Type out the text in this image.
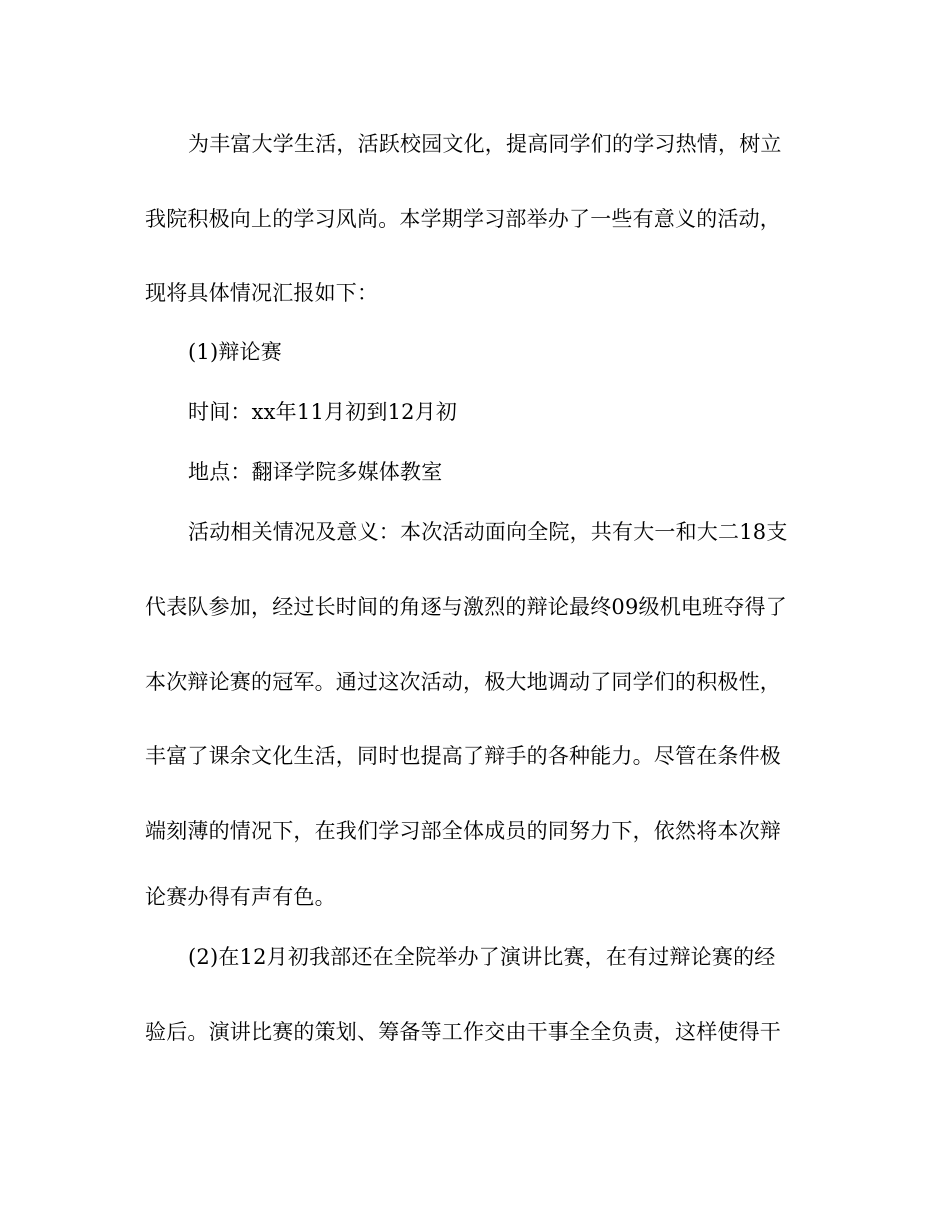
为丰富大学生活，活跃校园文化，提高同学们的学习热情，树立
我院积极向上的学习风尚。本学期学习部举办了一些有意义的活动，
现将具体情况汇报如下：
(1)辩论赛
时间：xx年11月初到12月初
地点：翻译学院多媒体教室
活动相关情况及意义：本次活动面向全院，共有大一和大二18支
代表队参加，经过长时间的角逐与激烈的辩论最终09级机电班夺得了
本次辩论赛的冠军。通过这次活动，极大地调动了同学们的积极性，
丰富了课余文化生活，同时也提高了辩手的各种能力。尽管在条件极
端刻薄的情况下，在我们学习部全体成员的同努力下，依然将本次辩
论赛办得有声有色。
(2)在12月初我部还在全院举办了演讲比赛，在有过辩论赛的经
验后。演讲比赛的策划、筹备等工作交由干事全全负责，这样使得干
